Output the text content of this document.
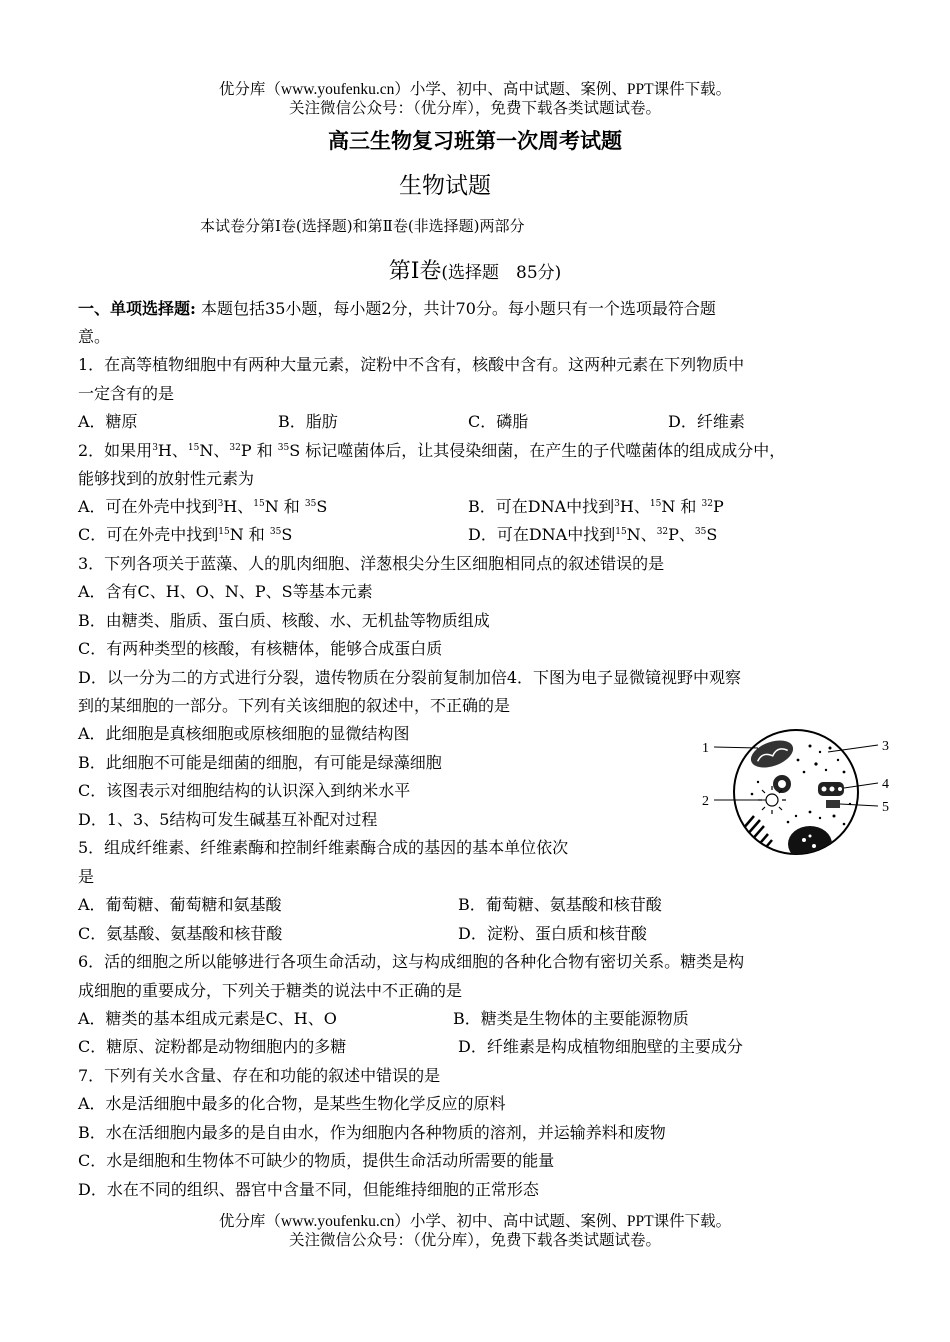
优分库（www.youfenku.cn）小学、初中、高中试题、案例、PPT课件下载。
关注微信公众号：（优分库），免费下载各类试题试卷。
高三生物复习班第一次周考试题
生物试题
本试卷分第Ⅰ卷(选择题)和第Ⅱ卷(非选择题)两部分
第Ⅰ卷(选择题　85分)
一、单项选择题: 本题包括35小题，每小题2分，共计70分。每小题只有一个选项最符合题
意。
1．在高等植物细胞中有两种大量元素，淀粉中不含有，核酸中含有。这两种元素在下列物质中
一定含有的是
A．糖原	B．脂肪	C．磷脂	D．纤维素
2．如果用$^3$H、$^{15}$N、$^{32}$P 和 $^{35}$S 标记噬菌体后，让其侵染细菌，在产生的子代噬菌体的组成成分中，
能够找到的放射性元素为
A．可在外壳中找到$^3$H、$^{15}$N 和 $^{35}$S	B．可在DNA中找到$^3$H、$^{15}$N 和 $^{32}$P
C．可在外壳中找到$^{15}$N 和 $^{35}$S	D．可在DNA中找到$^{15}$N、$^{32}$P、$^{35}$S
3．下列各项关于蓝藻、人的肌肉细胞、洋葱根尖分生区细胞相同点的叙述错误的是
A．含有C、H、O、N、P、S等基本元素
B．由糖类、脂质、蛋白质、核酸、水、无机盐等物质组成
C．有两种类型的核酸，有核糖体，能够合成蛋白质
D．以一分为二的方式进行分裂，遗传物质在分裂前复制加倍4．下图为电子显微镜视野中观察
到的某细胞的一部分。下列有关该细胞的叙述中，不正确的是
A．此细胞是真核细胞或原核细胞的显微结构图
B．此细胞不可能是细菌的细胞，有可能是绿藻细胞
C．该图表示对细胞结构的认识深入到纳米水平
D．1、3、5结构可发生碱基互补配对过程
1
2
3
4
5
5．组成纤维素、纤维素酶和控制纤维素酶合成的基因的基本单位依次
是
A．葡萄糖、葡萄糖和氨基酸	B．葡萄糖、氨基酸和核苷酸
C．氨基酸、氨基酸和核苷酸	D．淀粉、蛋白质和核苷酸
6．活的细胞之所以能够进行各项生命活动，这与构成细胞的各种化合物有密切关系。糖类是构
成细胞的重要成分，下列关于糖类的说法中不正确的是
A．糖类的基本组成元素是C、H、O	B．糖类是生物体的主要能源物质
C．糖原、淀粉都是动物细胞内的多糖	D．纤维素是构成植物细胞壁的主要成分
7．下列有关水含量、存在和功能的叙述中错误的是
A．水是活细胞中最多的化合物，是某些生物化学反应的原料
B．水在活细胞内最多的是自由水，作为细胞内各种物质的溶剂，并运输养料和废物
C．水是细胞和生物体不可缺少的物质，提供生命活动所需要的能量
D．水在不同的组织、器官中含量不同，但能维持细胞的正常形态
优分库（www.youfenku.cn）小学、初中、高中试题、案例、PPT课件下载。
关注微信公众号：（优分库），免费下载各类试题试卷。
